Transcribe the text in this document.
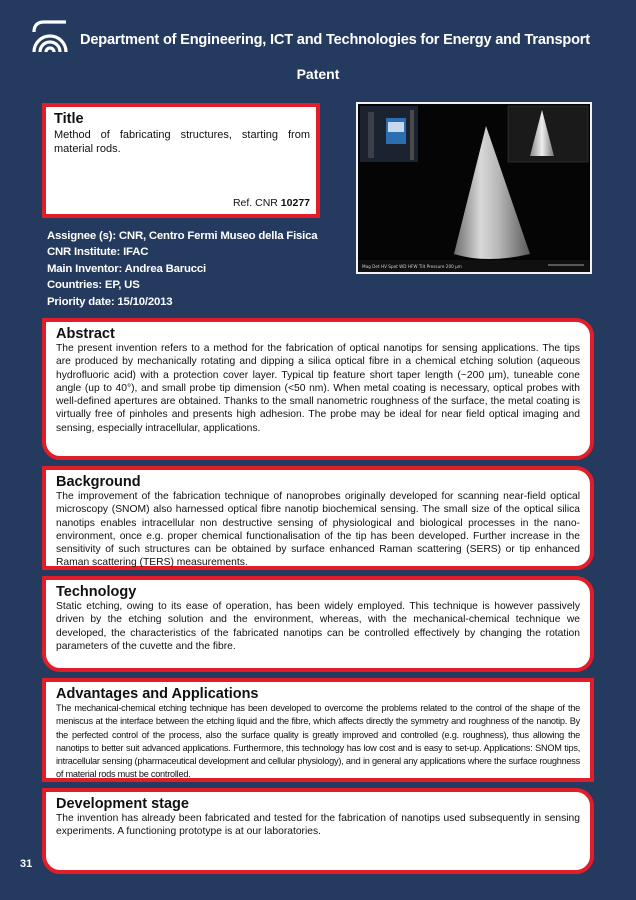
Department of Engineering, ICT and Technologies for Energy and Transport
Patent
Title

Method of fabricating structures, starting from material rods.

Ref. CNR 10277
Mag Det HV Spot WD HFW Tilt Pressure 200 µm
Assignee (s): CNR, Centro Fermi Museo della Fisica
CNR Institute: IFAC
Main Inventor: Andrea Barucci
Countries: EP, US
Priority date: 15/10/2013
Abstract

The present invention refers to a method for the fabrication of optical nanotips for sensing applications. The tips are produced by mechanically rotating and dipping a silica optical fibre in a chemical etching solution (aqueous hydrofluoric acid) with a protection cover layer. Typical tip feature short taper length (~200 µm), tuneable cone angle (up to 40°), and small probe tip dimension (<50 nm). When metal coating is necessary, optical probes with well-defined apertures are obtained. Thanks to the small nanometric roughness of the surface, the metal coating is virtually free of pinholes and presents high adhesion. The probe may be ideal for near field optical imaging and sensing, especially intracellular, applications.

Background

The improvement of the fabrication technique of nanoprobes originally developed for scanning near-field optical microscopy (SNOM) also harnessed optical fibre nanotip biochemical sensing. The small size of the optical silica nanotips enables intracellular non destructive sensing of physiological and biological processes in the nano-environment, once e.g. proper chemical functionalisation of the tip has been developed. Further increase in the sensitivity of such structures can be obtained by surface enhanced Raman scattering (SERS) or tip enhanced Raman scattering (TERS) measurements.

Technology

Static etching, owing to its ease of operation, has been widely employed. This technique is however passively driven by the etching solution and the environment, whereas, with the mechanical-chemical technique we developed, the characteristics of the fabricated nanotips can be controlled effectively by changing the rotation parameters of the cuvette and the fibre.

Advantages and Applications

The mechanical-chemical etching technique has been developed to overcome the problems related to the control of the shape of the meniscus at the interface between the etching liquid and the fibre, which affects directly the symmetry and roughness of the nanotip. By the perfected control of the process, also the surface quality is greatly improved and controlled (e.g. roughness), thus allowing the nanotips to better suit advanced applications. Furthermore, this technology has low cost and is easy to set-up. Applications: SNOM tips, intracellular sensing (pharmaceutical development and cellular physiology), and in general any applications where the surface roughness of material rods must be controlled.

Development stage

The invention has already been fabricated and tested for the fabrication of nanotips used subsequently in sensing experiments. A functioning prototype is at our laboratories.

31
